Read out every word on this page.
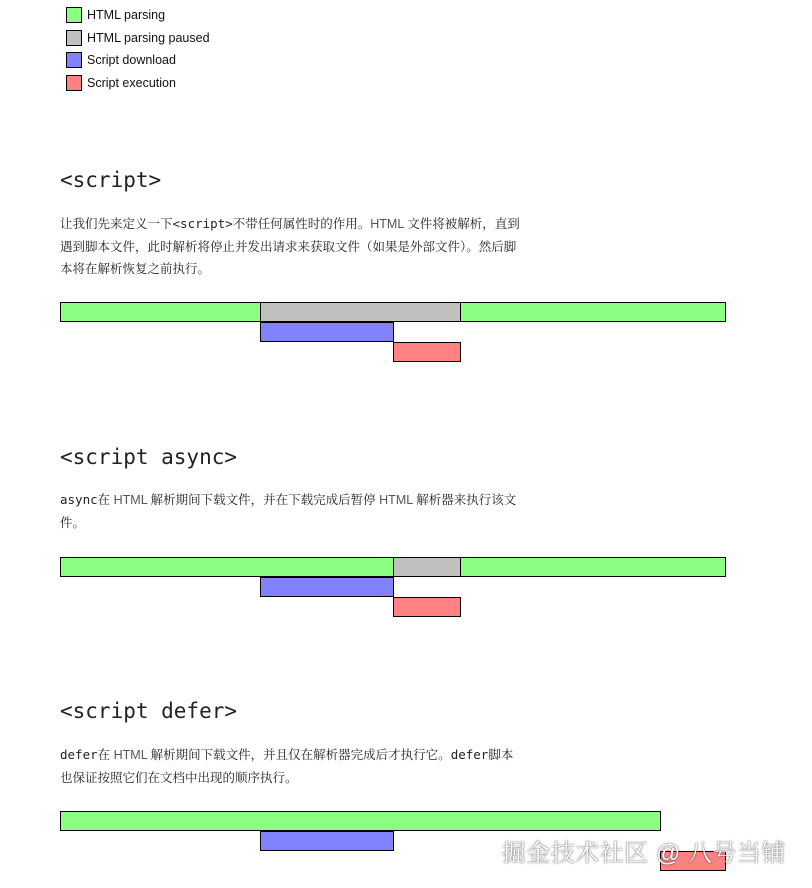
HTML parsing
HTML parsing paused
Script download
Script execution
<script>

让我们先来定义一下<script>不带任何属性时的作用。HTML 文件将被解析，直到遇到脚本文件，此时解析将停止并发出请求来获取文件（如果是外部文件）。然后脚本将在解析恢复之前执行。

<script async>

async在 HTML 解析期间下载文件，并在下载完成后暂停 HTML 解析器来执行该文件。

<script defer>

defer在 HTML 解析期间下载文件，并且仅在解析器完成后才执行它。defer脚本也保证按照它们在文档中出现的顺序执行。

掘金技术社区 @ 八号当铺
